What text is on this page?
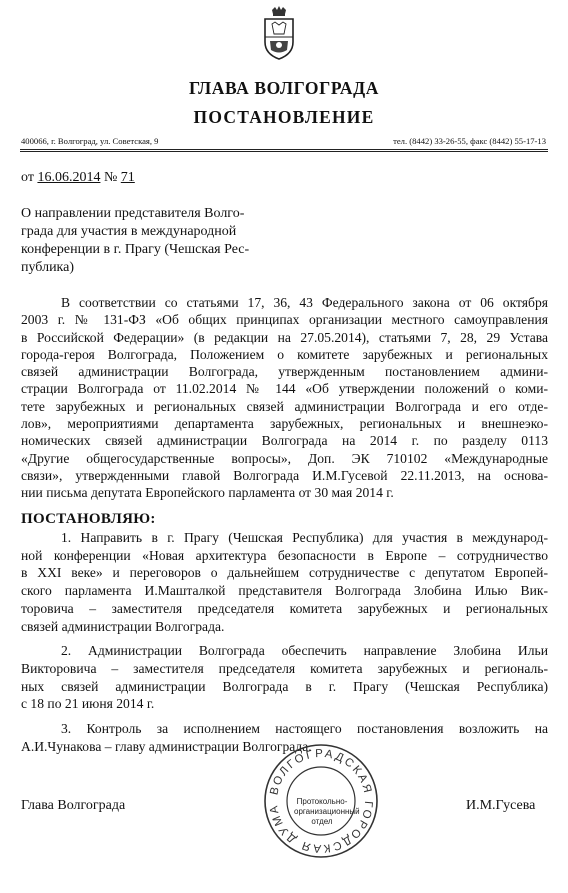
ГЛАВА ВОЛГОГРАДА
ПОСТАНОВЛЕНИЕ
400066, г. Волгоград, ул. Советская, 9	тел. (8442) 33-26-55, факс (8442) 55-17-13
от 16.06.2014 № 71
О направлении представителя Волго-
града для участия в международной
конференции в г. Прагу (Чешская Рес-
публика)
В соответствии со статьями 17, 36, 43 Федерального закона от 06 октября
2003 г. № 131-ФЗ «Об общих принципах организации местного самоуправления
в Российской Федерации» (в редакции на 27.05.2014), статьями 7, 28, 29 Устава
города-героя Волгограда, Положением о комитете зарубежных и региональных
связей администрации Волгограда, утвержденным постановлением админи-
страции Волгограда от 11.02.2014 № 144 «Об утверждении положений о коми-
тете зарубежных и региональных связей администрации Волгограда и его отде-
лов», мероприятиями департамента зарубежных, региональных и внешнеэко-
номических связей администрации Волгограда на 2014 г. по разделу 0113
«Другие общегосударственные вопросы», Доп. ЭК 710102 «Международные
связи», утвержденными главой Волгограда И.М.Гусевой 22.11.2013, на основа-
нии письма депутата Европейского парламента от 30 мая 2014 г.
ПОСТАНОВЛЯЮ:
1. Направить в г. Прагу (Чешская Республика) для участия в международ-
ной конференции «Новая архитектура безопасности в Европе – сотрудничество
в XXI веке» и переговоров о дальнейшем сотрудничестве с депутатом Европей-
ского парламента И.Машталкой представителя Волгограда Злобина Илью Вик-
торовича – заместителя председателя комитета зарубежных и региональных
связей администрации Волгограда.
2. Администрации Волгограда обеспечить направление Злобина Ильи
Викторовича – заместителя председателя комитета зарубежных и региональ-
ных связей администрации Волгограда в г. Прагу (Чешская Республика)
с 18 по 21 июня 2014 г.
3. Контроль за исполнением настоящего постановления возложить на
А.И.Чунакова – главу администрации Волгограда.
Глава Волгограда	И.М.Гусева
ВОЛГОГРАДСКАЯ ГОРОДСКАЯ ДУМА
Протокольно-
организационный
отдел
